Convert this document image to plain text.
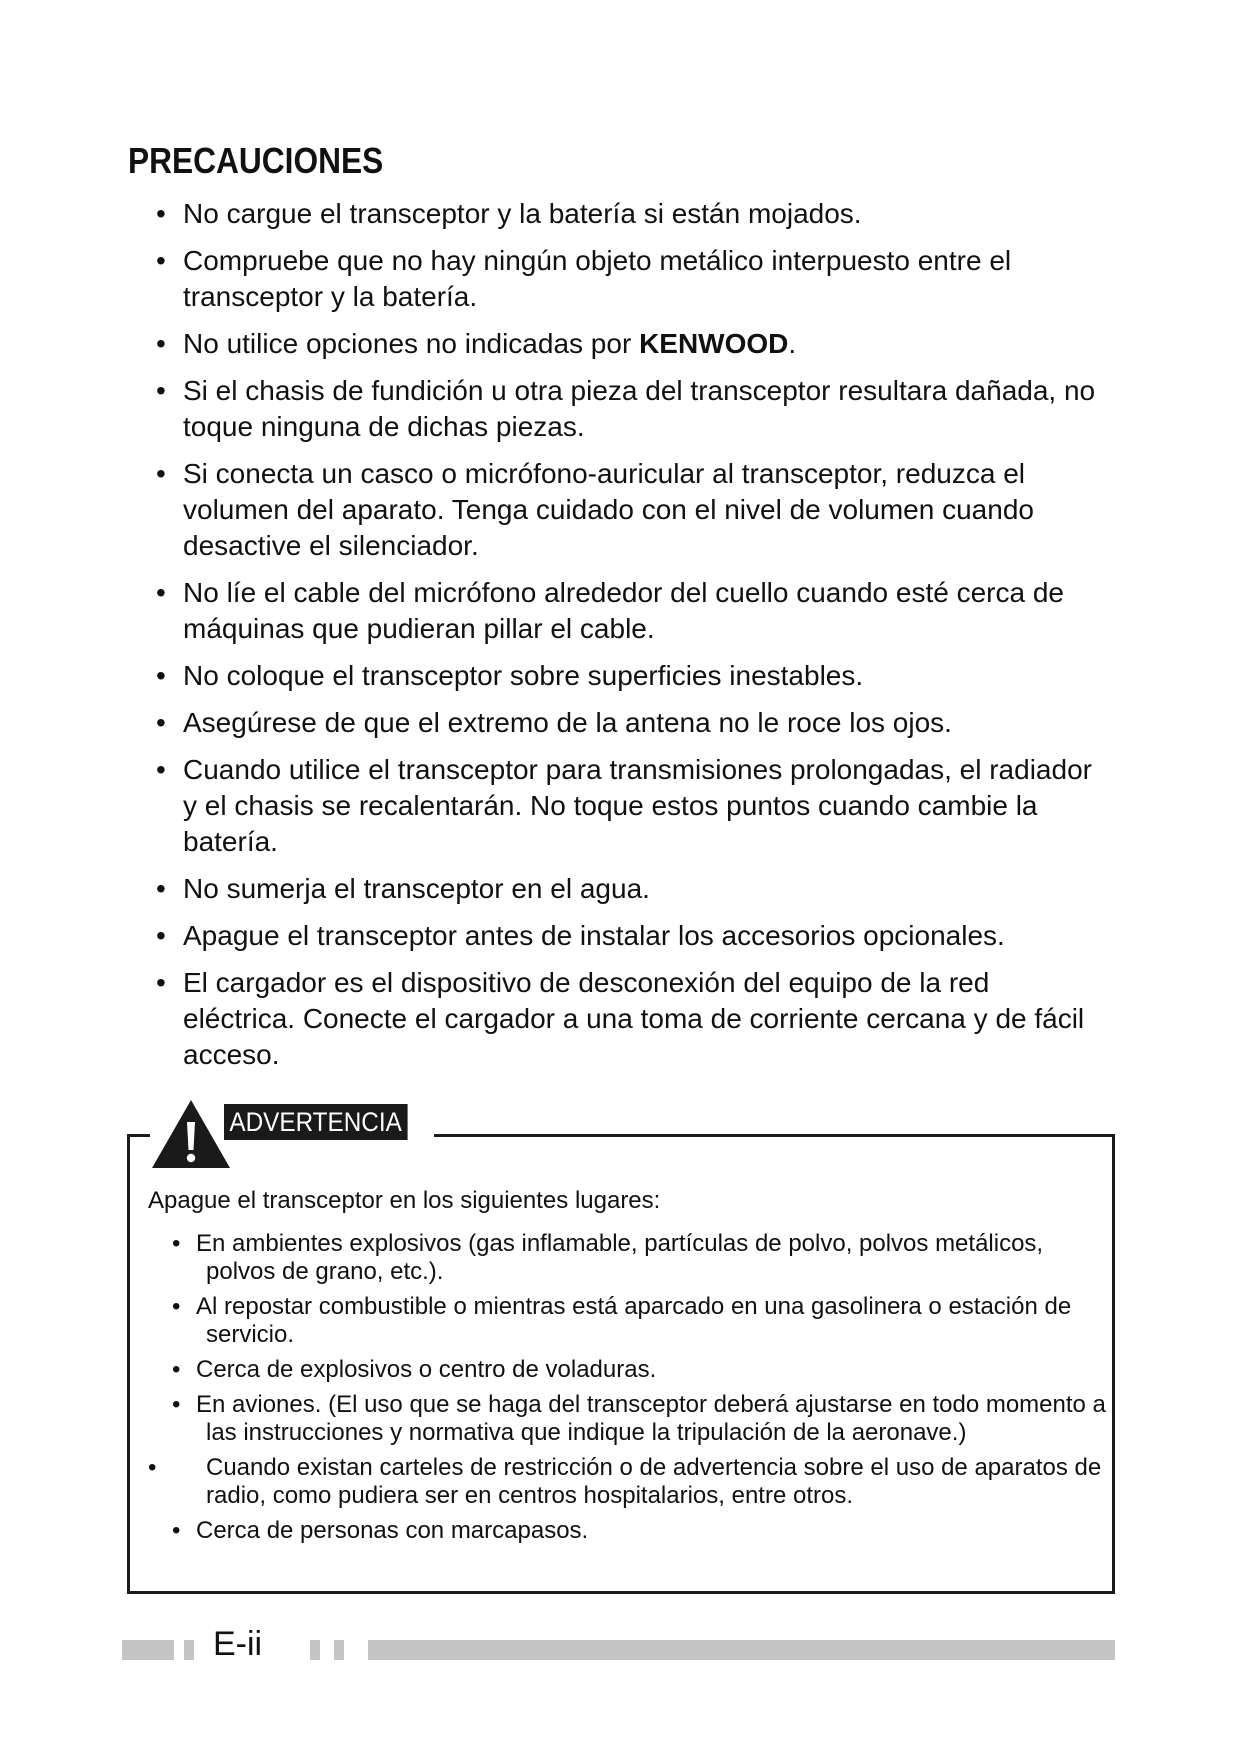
PRECAUCIONES
• No cargue el transceptor y la batería si están mojados.
• Compruebe que no hay ningún objeto metálico interpuesto entre el transceptor y la batería.
• No utilice opciones no indicadas por KENWOOD.
• Si el chasis de fundición u otra pieza del transceptor resultara dañada, no toque ninguna de dichas piezas.
• Si conecta un casco o micrófono-auricular al transceptor, reduzca el volumen del aparato. Tenga cuidado con el nivel de volumen cuando desactive el silenciador.
• No líe el cable del micrófono alrededor del cuello cuando esté cerca de máquinas que pudieran pillar el cable.
• No coloque el transceptor sobre superficies inestables.
• Asegúrese de que el extremo de la antena no le roce los ojos.
• Cuando utilice el transceptor para transmisiones prolongadas, el radiador y el chasis se recalentarán. No toque estos puntos cuando cambie la batería.
• No sumerja el transceptor en el agua.
• Apague el transceptor antes de instalar los accesorios opcionales.
• El cargador es el dispositivo de desconexión del equipo de la red eléctrica. Conecte el cargador a una toma de corriente cercana y de fácil acceso.
ADVERTENCIA

Apague el transceptor en los siguientes lugares:

• En ambientes explosivos (gas inflamable, partículas de polvo, polvos metálicos, polvos de grano, etc.).
• Al repostar combustible o mientras está aparcado en una gasolinera o estación de servicio.
• Cerca de explosivos o centro de voladuras.
• En aviones. (El uso que se haga del transceptor deberá ajustarse en todo momento a las instrucciones y normativa que indique la tripulación de la aeronave.)
• Cuando existan carteles de restricción o de advertencia sobre el uso de aparatos de radio, como pudiera ser en centros hospitalarios, entre otros.
• Cerca de personas con marcapasos.
E-ii
